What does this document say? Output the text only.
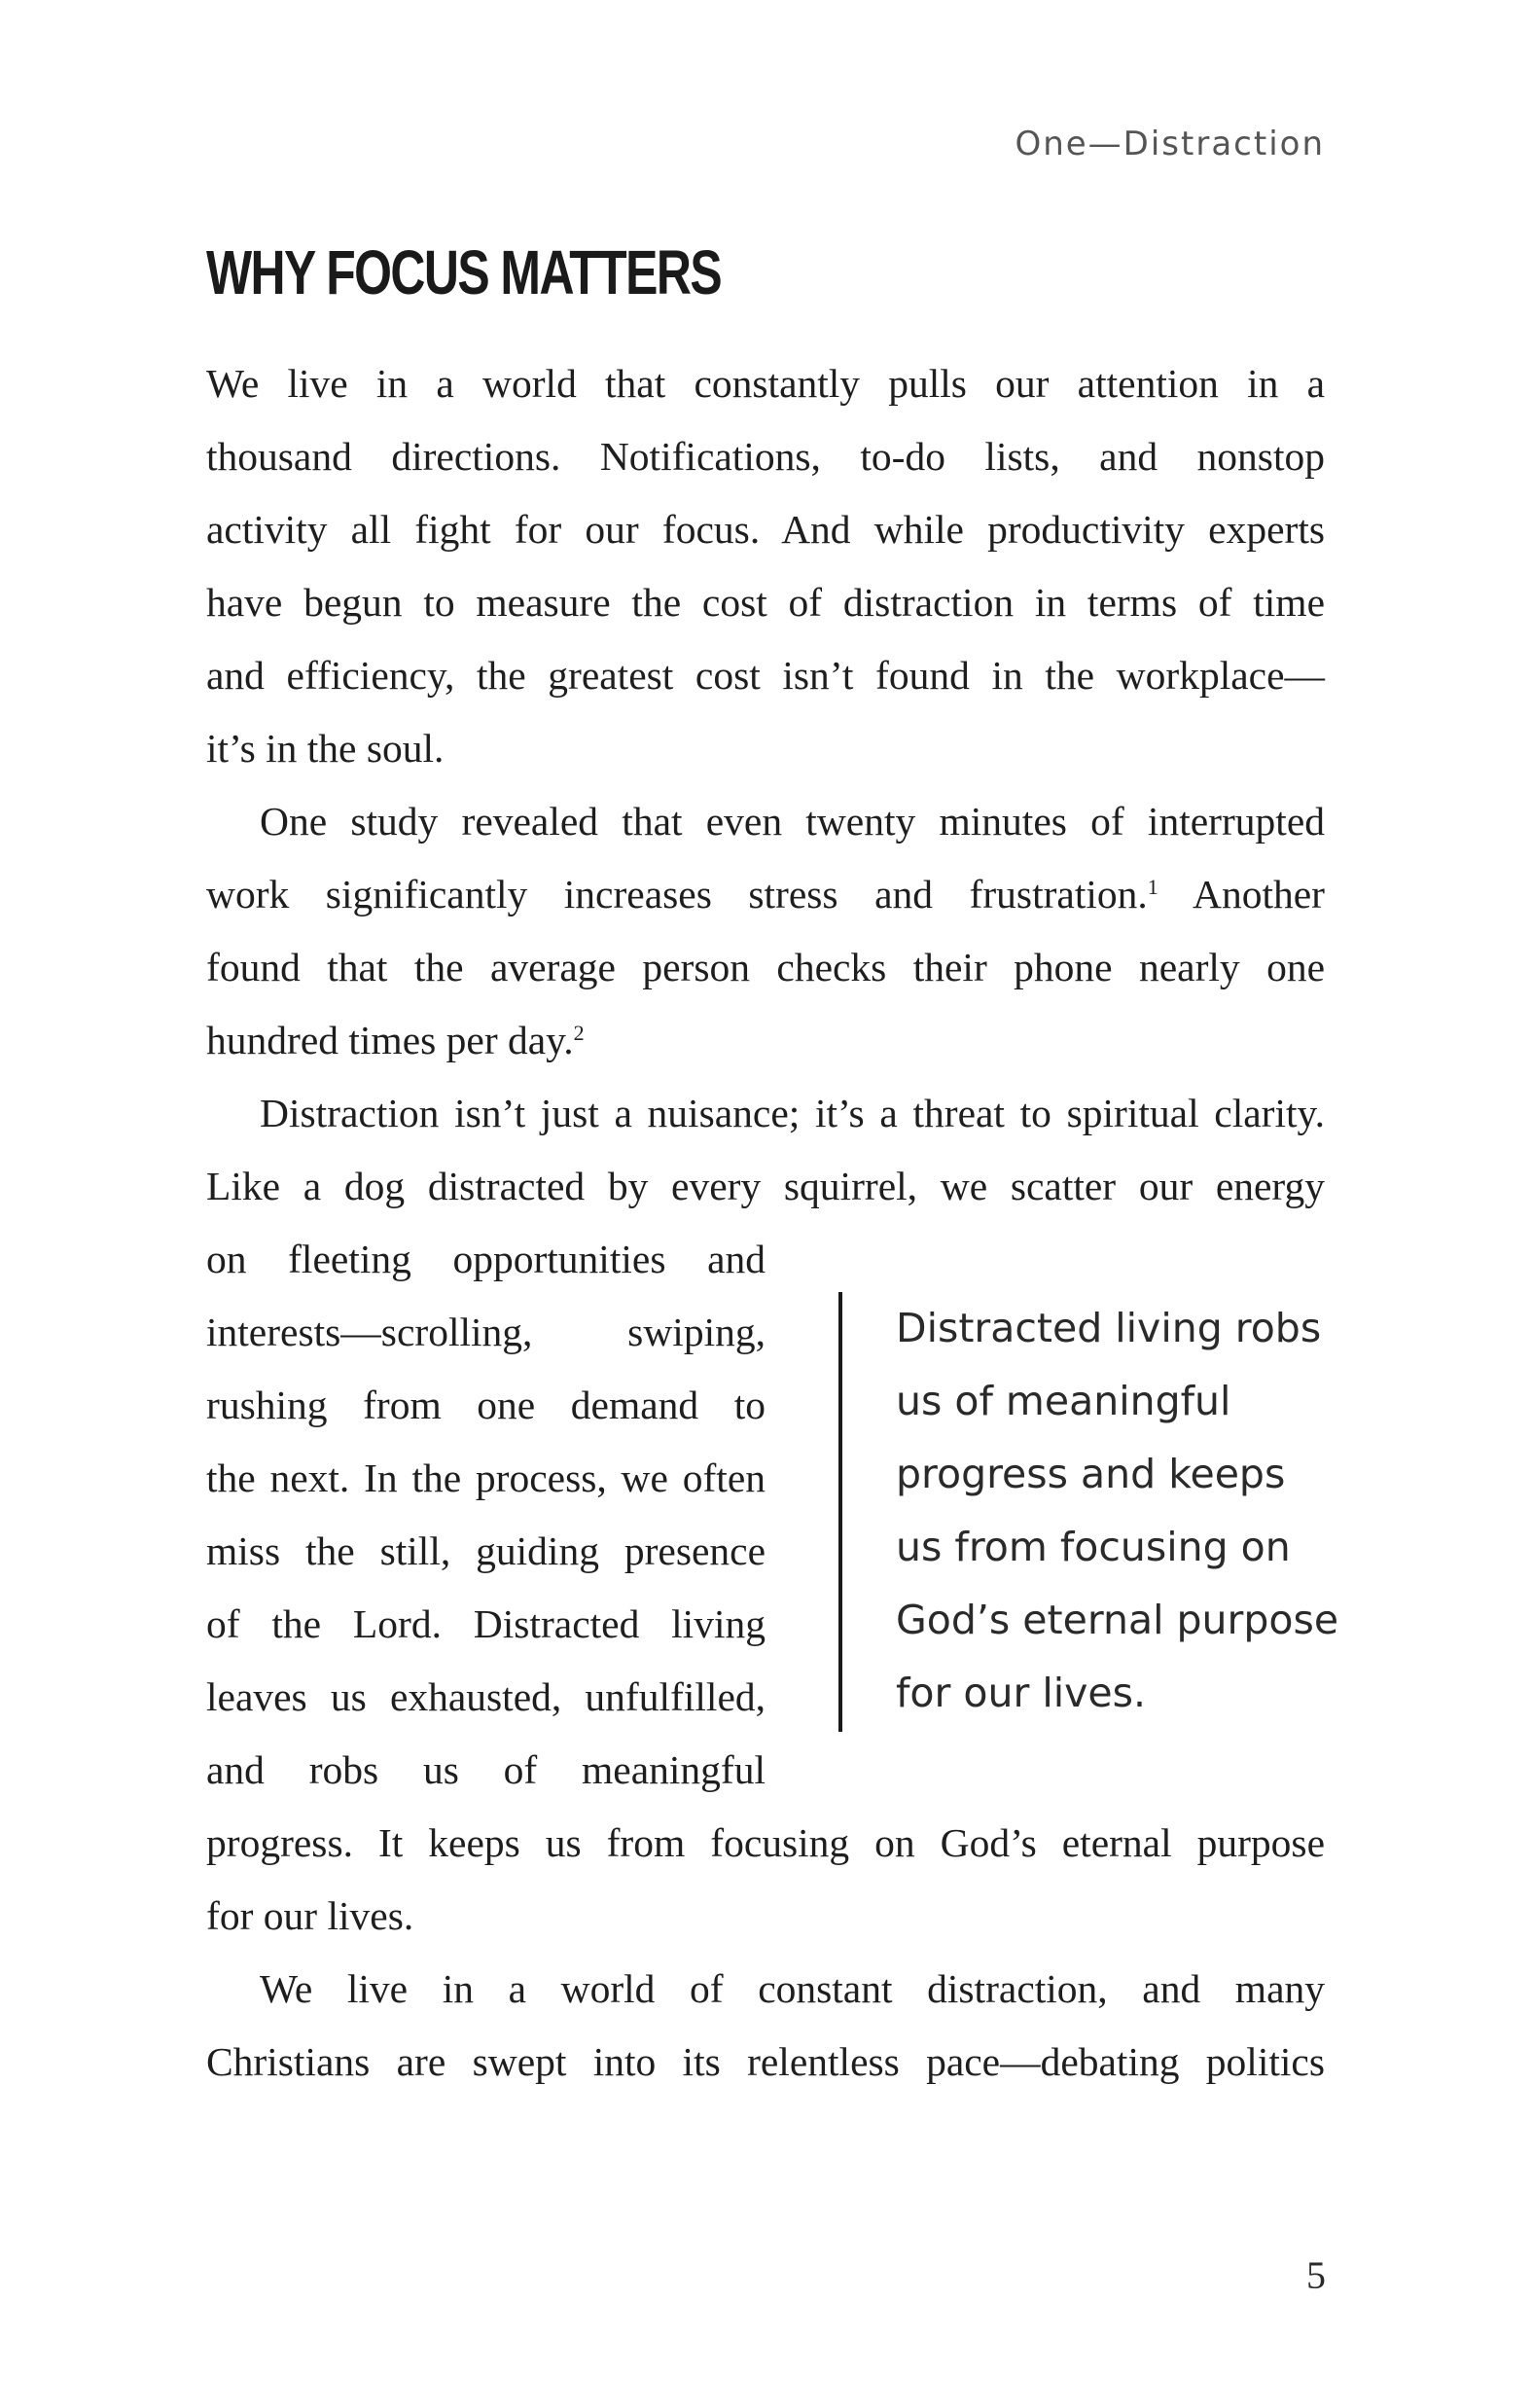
One—Distraction
WHY FOCUS MATTERS
We live in a world that constantly pulls our attention in a
thousand directions. Notifications, to-do lists, and nonstop
activity all fight for our focus. And while productivity experts
have begun to measure the cost of distraction in terms of time
and efficiency, the greatest cost isn’t found in the workplace—
it’s in the soul.
One study revealed that even twenty minutes of interrupted
work significantly increases stress and frustration.$^1$ Another
found that the average person checks their phone nearly one
hundred times per day.$^2$
Distraction isn’t just a nuisance; it’s a threat to spiritual clarity.
Like a dog distracted by every squirrel, we scatter our energy
on fleeting opportunities and
interests—scrolling, swiping,
rushing from one demand to
the next. In the process, we often
miss the still, guiding presence
of the Lord. Distracted living
leaves us exhausted, unfulfilled,
and robs us of meaningful
Distracted living robs
us of meaningful
progress and keeps
us from focusing on
God’s eternal purpose
for our lives.
progress. It keeps us from focusing on God’s eternal purpose
for our lives.
We live in a world of constant distraction, and many
Christians are swept into its relentless pace—debating politics
5
